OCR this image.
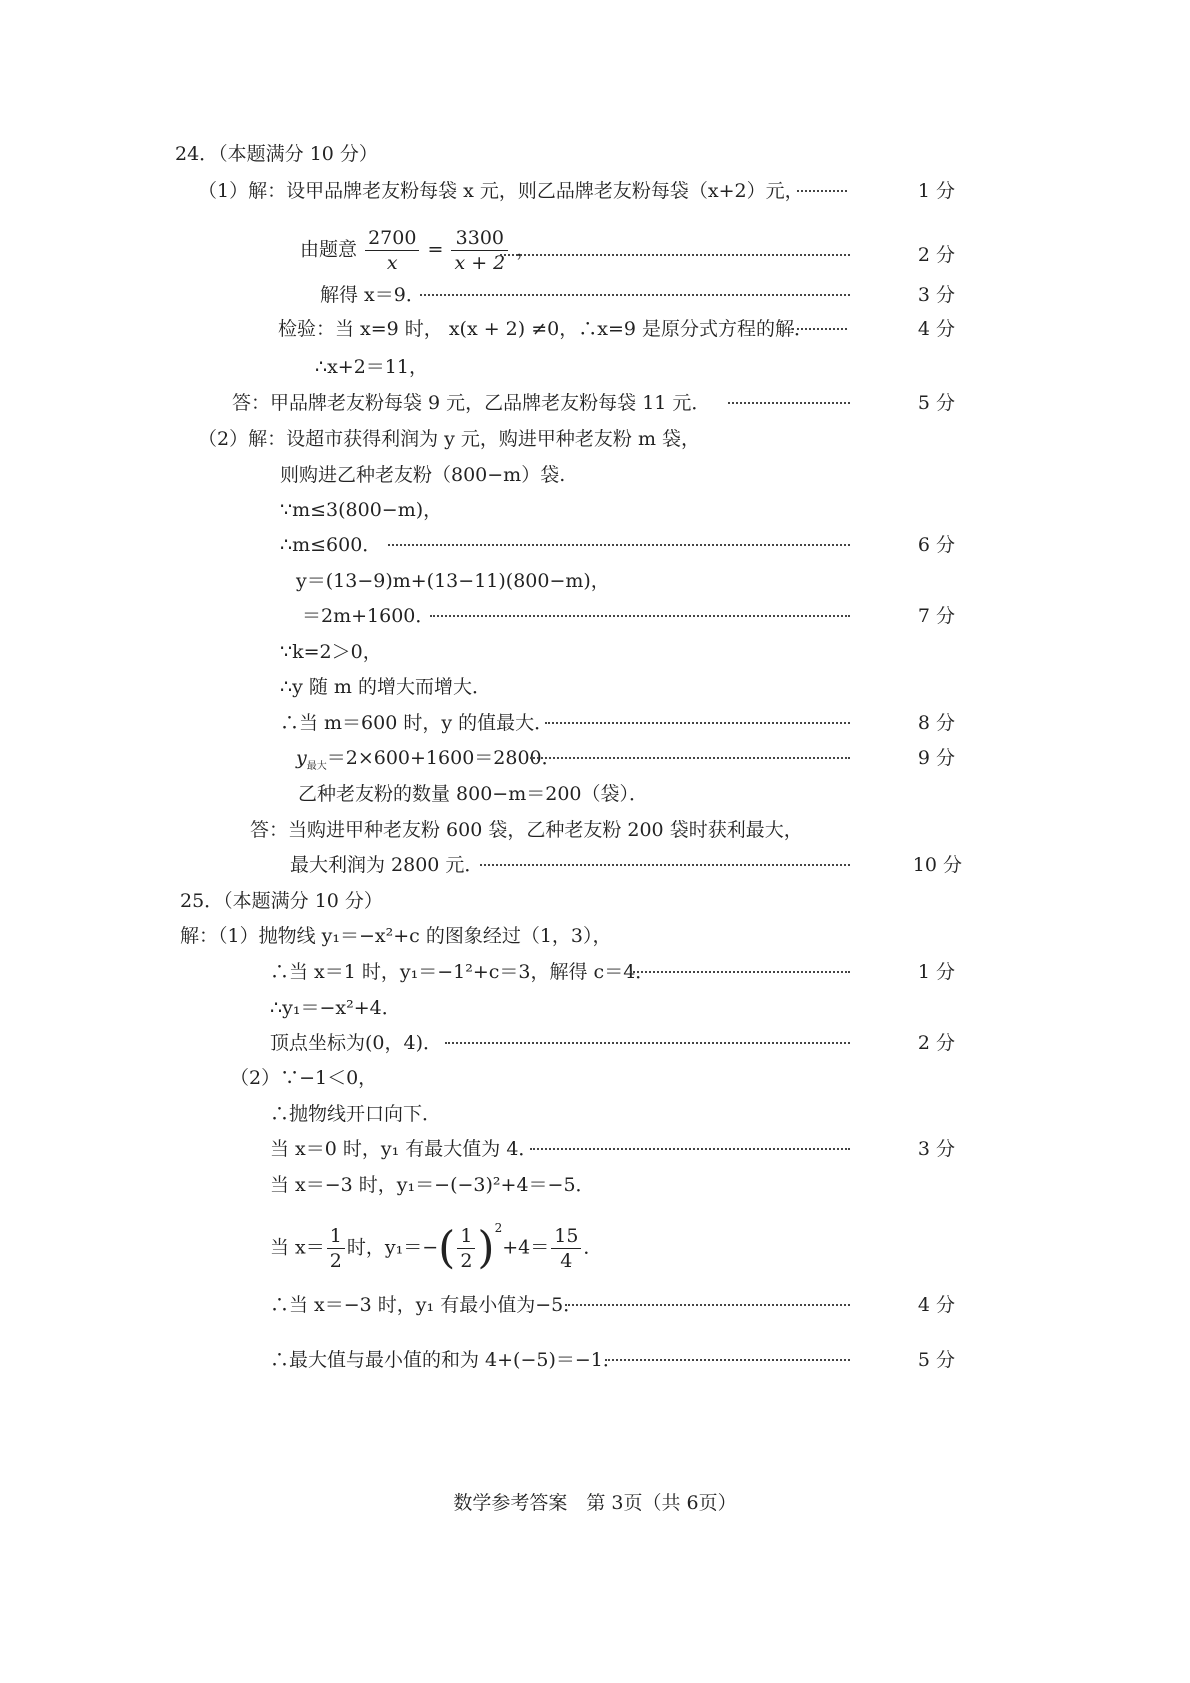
24．（本题满分 10 分）
（1）解：设甲品牌老友粉每袋 x 元，则乙品牌老友粉每袋（x+2）元，	1 分
由题意 $\frac{2700}{x} = \frac{3300}{x + 2}$ ，	2 分
解得 x＝9．	3 分
检验：当 x=9 时， x(x + 2) ≠0，∴x=9 是原分式方程的解．	4 分
∴x+2＝11，
答：甲品牌老友粉每袋 9 元，乙品牌老友粉每袋 11 元．	5 分
（2）解：设超市获得利润为 y 元，购进甲种老友粉 m 袋，
则购进乙种老友粉（800−m）袋.
∵m≤3(800−m)，
∴m≤600．	6 分
y＝(13−9)m+(13−11)(800−m)，
＝2m+1600．	7 分
∵k=2＞0，
∴y 随 m 的增大而增大．
∴当 m＝600 时，y 的值最大．	8 分
$y_{最大}=2\times 600+1600=2800$．	9 分
乙种老友粉的数量 800−m＝200（袋）．
答：当购进甲种老友粉 600 袋，乙种老友粉 200 袋时获利最大，
最大利润为 2800 元．	10 分
25．（本题满分 10 分）
解：（1）抛物线 y₁＝−x²+c 的图象经过（1，3），
∴当 x＝1 时，y₁＝−1²+c＝3，解得 c＝4．	1 分
∴y₁＝−x²+4．
顶点坐标为(0，4)．	2 分
（2）∵−1＜0，
∴抛物线开口向下．
当 x＝0 时，y₁ 有最大值为 4．	3 分
当 x＝−3 时，y₁＝−(−3)²+4＝−5．
当 $x= \frac{1}{2}$ 时，$y_1=-( \frac{1}{2} )^2+4= \frac{15}{4}$ ．
∴当 x＝−3 时，y₁ 有最小值为−5．	4 分
∴最大值与最小值的和为 4+(−5)＝−1．	5 分
数学参考答案　第 3页（共 6页）
